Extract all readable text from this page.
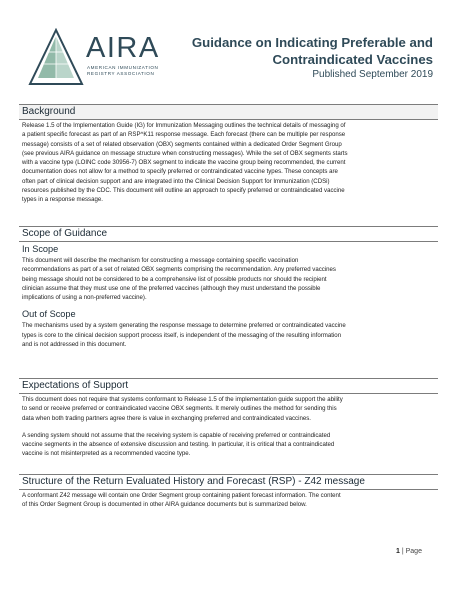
AIRA
AMERICAN IMMUNIZATION
REGISTRY ASSOCIATION
Guidance on Indicating Preferable and
Contraindicated Vaccines
Published September 2019
Background
Release 1.5 of the Implementation Guide (IG) for Immunization Messaging outlines the technical details of messaging of
a patient specific forecast as part of an RSP^K11 response message. Each forecast (there can be multiple per response
message) consists of a set of related observation (OBX) segments contained within a dedicated Order Segment Group
(see previous AIRA guidance on message structure when constructing messages). While the set of OBX segments starts
with a vaccine type (LOINC code 30956-7) OBX segment to indicate the vaccine group being recommended, the current
documentation does not allow for a method to specify preferred or contraindicated vaccine types. These concepts are
often part of clinical decision support and are integrated into the Clinical Decision Support for Immunization (CDSi)
resources published by the CDC. This document will outline an approach to specify preferred or contraindicated vaccine
types in a response message.
Scope of Guidance
In Scope
This document will describe the mechanism for constructing a message containing specific vaccination
recommendations as part of a set of related OBX segments comprising the recommendation. Any preferred vaccines
being message should not be considered to be a comprehensive list of possible products nor should the recipient
clinician assume that they must use one of the preferred vaccines (although they must understand the possible
implications of using a non-preferred vaccine).
Out of Scope
The mechanisms used by a system generating the response message to determine preferred or contraindicated vaccine
types is core to the clinical decision support process itself, is independent of the messaging of the resulting information
and is not addressed in this document.
Expectations of Support
This document does not require that systems conformant to Release 1.5 of the implementation guide support the ability
to send or receive preferred or contraindicated vaccine OBX segments. It merely outlines the method for sending this
data when both trading partners agree there is value in exchanging preferred and contraindicated vaccines.
A sending system should not assume that the receiving system is capable of receiving preferred or contraindicated
vaccine segments in the absence of extensive discussion and testing. In particular, it is critical that a contraindicated
vaccine is not misinterpreted as a recommended vaccine type.
Structure of the Return Evaluated History and Forecast (RSP) - Z42 message
A conformant Z42 message will contain one Order Segment group containing patient forecast information. The content
of this Order Segment Group is documented in other AIRA guidance documents but is summarized below.
1 | Page
